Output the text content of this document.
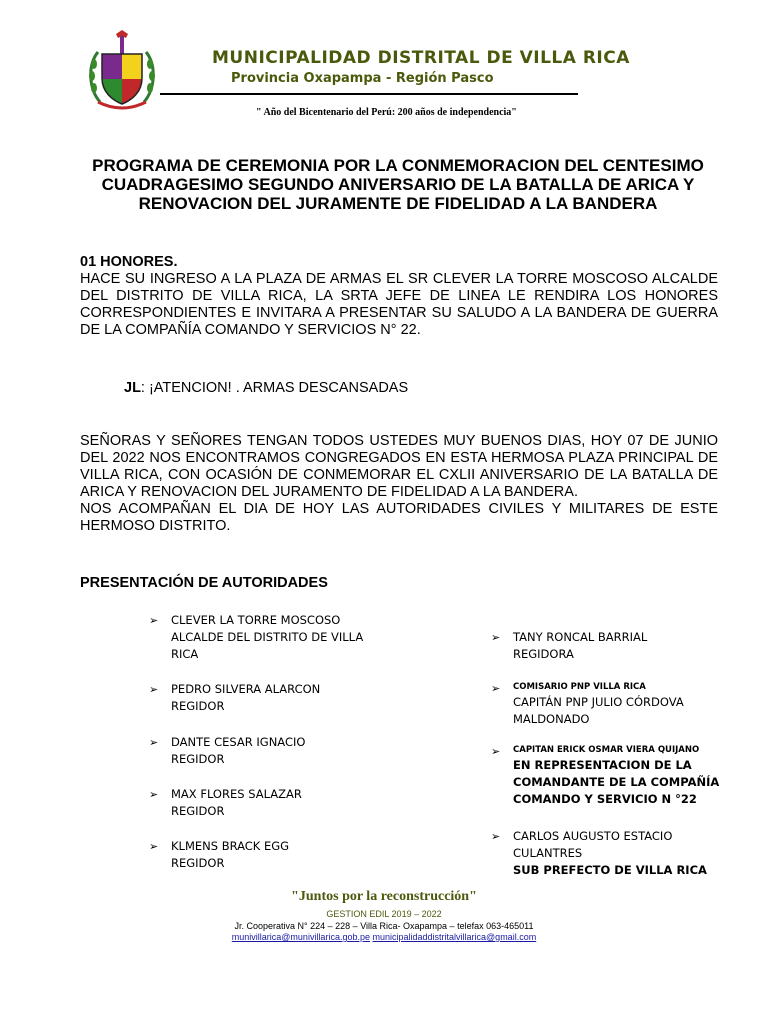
MUNICIPALIDAD DISTRITAL DE VILLA RICA
Provincia Oxapampa - Región Pasco
" Año del Bicentenario del Perú: 200 años de independencia"
PROGRAMA DE CEREMONIA POR LA CONMEMORACION DEL CENTESIMO
CUADRAGESIMO SEGUNDO ANIVERSARIO DE LA BATALLA DE ARICA Y
RENOVACION DEL JURAMENTE DE FIDELIDAD A LA BANDERA
01 HONORES.
HACE SU INGRESO A LA PLAZA DE ARMAS EL SR CLEVER LA TORRE MOSCOSO ALCALDE DEL DISTRITO DE VILLA RICA, LA SRTA JEFE DE LINEA LE RENDIRA LOS HONORES CORRESPONDIENTES E INVITARA A PRESENTAR SU SALUDO A LA BANDERA DE GUERRA DE LA COMPAÑÍA COMANDO Y SERVICIOS N° 22.
JL: ¡ATENCION! . ARMAS DESCANSADAS
SEÑORAS Y SEÑORES TENGAN TODOS USTEDES MUY BUENOS DIAS, HOY 07 DE JUNIO DEL 2022 NOS ENCONTRAMOS CONGREGADOS EN ESTA HERMOSA PLAZA PRINCIPAL DE VILLA RICA, CON OCASIÓN DE CONMEMORAR EL CXLII ANIVERSARIO DE LA BATALLA DE ARICA Y RENOVACION DEL JURAMENTO DE FIDELIDAD A LA BANDERA.
NOS ACOMPAÑAN EL DIA DE HOY LAS AUTORIDADES CIVILES Y MILITARES DE ESTE HERMOSO DISTRITO.
PRESENTACIÓN DE AUTORIDADES
➢ CLEVER LA TORRE MOSCOSO
ALCALDE DEL DISTRITO DE VILLA
RICA
➢ PEDRO SILVERA ALARCON
REGIDOR
➢ DANTE CESAR IGNACIO
REGIDOR
➢ MAX FLORES SALAZAR
REGIDOR
➢ KLMENS BRACK EGG
REGIDOR
➢ TANY RONCAL BARRIAL
REGIDORA
➢ COMISARIO PNP VILLA RICA
CAPITÁN PNP JULIO CÓRDOVA
MALDONADO
➢ CAPITAN ERICK OSMAR VIERA QUIJANO
EN REPRESENTACION DE LA
COMANDANTE DE LA COMPAÑÍA
COMANDO Y SERVICIO N °22
➢ CARLOS AUGUSTO ESTACIO
CULANTRES
SUB PREFECTO DE VILLA RICA
"Juntos por la reconstrucción"
GESTION EDIL 2019 – 2022
Jr. Cooperativa N° 224 – 228 – Villa Rica- Oxapampa – telefax 063-465011
munivillarica@munivillarica.gob.pe municipalidaddistritalvillarica@gmail.com
